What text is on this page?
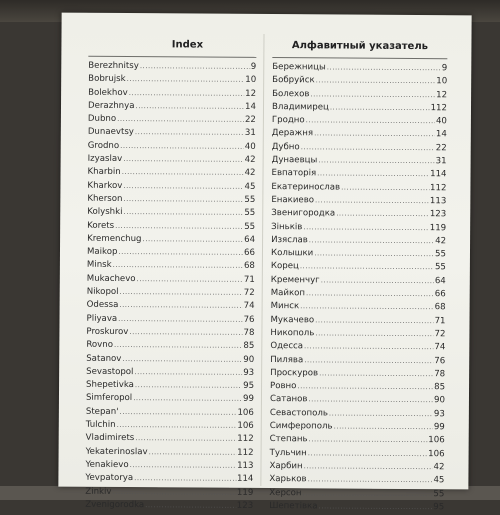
Index
Berezhnitsy .....	9
Bobrujsk .....	10
Bolekhov .....	12
Derazhnya .....	14
Dubno .....	22
Dunaevtsy .....	31
Grodno .....	40
Izyaslav .....	42
Kharbin .....	42
Kharkov .....	45
Kherson .....	55
Kolyshki .....	55
Korets .....	55
Kremenchug .....	64
Maikop .....	66
Minsk .....	68
Mukachevo .....	71
Nikopol .....	72
Odessa .....	74
Pliyava .....	76
Proskurov .....	78
Rovno .....	85
Satanov .....	90
Sevastopol .....	93
Shepetivka .....	95
Simferopol .....	99
Stepan' .....	106
Tulchin .....	106
Vladimirets .....	112
Yekaterinoslav .....	112
Yenakievo .....	113
Yevpatorya .....	114
Zinkiv .....	119
Zvenigorodka .....	123
Алфавитный указатель
Бережницы .....	9
Бобруйск .....	10
Болехов .....	12
Владимирец .....	112
Гродно .....	40
Деражня .....	14
Дубно .....	22
Дунаевцы .....	31
Евпаторія .....	114
Екатеринослав .....	112
Енакиево .....	113
Звенигородка .....	123
Зіньків .....	119
Изяслав .....	42
Колышки .....	55
Корец .....	55
Кременчуг .....	64
Майкоп .....	66
Минск .....	68
Мукачево .....	71
Никополь .....	72
Одесса .....	74
Пилява .....	76
Проскуров .....	78
Ровно .....	85
Сатанов .....	90
Севастополь .....	93
Симферополь .....	99
Степань .....	106
Тульчин .....	106
Харбин .....	42
Харьков .....	45
Херсон .....	55
Шепетівка .....	95
